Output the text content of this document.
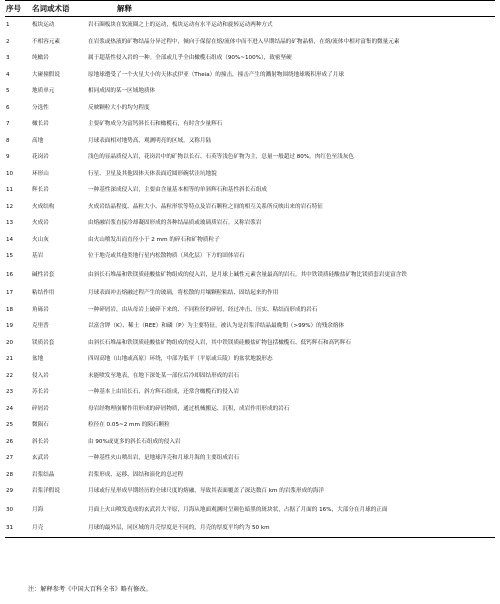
序号	名词或术语	解释
1	板块运动	岩石圈板块在软流圈之上的运动，板块运动有水平运动和旋转运动两种方式
2	不相容元素	在岩浆或热液的矿物结晶分异过程中，倾向于保留在熔/流体中而不进入早期结晶的矿物晶格，在熔/流体中相对富集的微量元素
3	纯橄岩	属于超基性侵入岩的一种。全部或几乎全由橄榄石组成（90%~100%），致密坚硬
4	大碰撞假说	原地球遭受了一个火星大小的天体忒伊亚（Theia）的撞击，撞击产生的溅射物围绕地球吸积形成了月球
5	地质单元	相同成因的某一区域地质体
6	分选性	反映颗粒大小的均匀程度
7	橄长岩	主要矿物成分为富钙斜长石和橄榄石，有时含少量辉石
8	高地	月球表面相对地势高、观测明亮的区域。又称月陆
9	花岗岩	浅色的显晶质侵入岩，花岗岩中的矿物以长石、石英等浅色矿物为主，总量一般超过 80%。肉红色至浅灰色
10	环形山	行星、卫星及其他固体天体表面近圆形碗状洼坑地貌
11	辉长岩	一种基性深成侵入岩，主要由含量基本相等的单斜辉石和基性斜长石组成
12	火成结构	火成岩结晶程度、晶粒大小、晶粒形状等特点及岩石颗粒之间的相互关系所反映出来的岩石特征
13	火成岩	由熔融岩浆直接冷却凝固形成的各种结晶质或玻璃质岩石。又称岩浆岩
14	火山灰	由火山喷发出而直径小于 2 mm 的碎石和矿物质粒子
15	基岩	位于地壳或其他类地行星内松散物质（风化层）下方的固体岩石
16	碱性岩套	由斜长石堆晶和铁镁质硅酸盐矿物组成的侵入岩，是月球上碱性元素含量最高的岩石。其中铁镁质硅酸盐矿物比镁质套岩更富含铁
17	粘结作用	月球表面冲击熔融过程产生的玻璃，将松散的月壤颗粒粘结、固结起来的作用
18	角砾岩	一种碎屑岩，由从母岩上破碎下来的、不同粒径的碎屑，经过冲击、压实、粘结而形成的岩石
19	克里普	以富含钾（K）、稀土（REE）和磷（P）为主要特征，被认为是岩浆洋结晶最晚期（>99%）的残余熔体
20	镁质岩套	由斜长石堆晶和铁镁质硅酸盐矿物组成的侵入岩，其中铁镁质硅酸盐矿物包括橄榄石、低钙辉石和高钙辉石
21	盆地	四周高地（山地或高原）环绕，中部为低平（平原或丘陵）的盆状地貌形态
22	侵入岩	未能喷发至地表，在地下深处某一部位后冷却固结形成的岩石
23	苏长岩	一种基本上由培长石、斜方辉石组成，还常含橄榄石的侵入岩
24	碎屑岩	母岩经物理崩解作用形成的碎屑物质，通过机械搬运、沉积，成岩作用形成的岩石
25	微陨石	粒径在 0.05~2 mm 的陨石颗粒
26	斜长岩	由 90%或更多的斜长石组成的侵入岩
27	玄武岩	一种基性火山喷出岩，是地球洋壳和月球月海的主要组成岩石
28	岩浆结晶	岩浆形成、运移、固结和演化的总过程
29	岩浆洋假说	月球或行星形成早期经历的全球尺度的熔融，导致其表面覆盖了深达数百 km 的岩浆形成的海洋
30	月海	月面上火山喷发造成的玄武岩大平原，月海从地面观测时呈颜色暗黑的斑块状，占据了月面的 16%，大部分在月球的正面
31	月壳	月球的最外层，同区域的月壳厚度是不同的，月壳的厚度平均约为 50 km
注：解释参考《中国大百科全书》略有修改。
